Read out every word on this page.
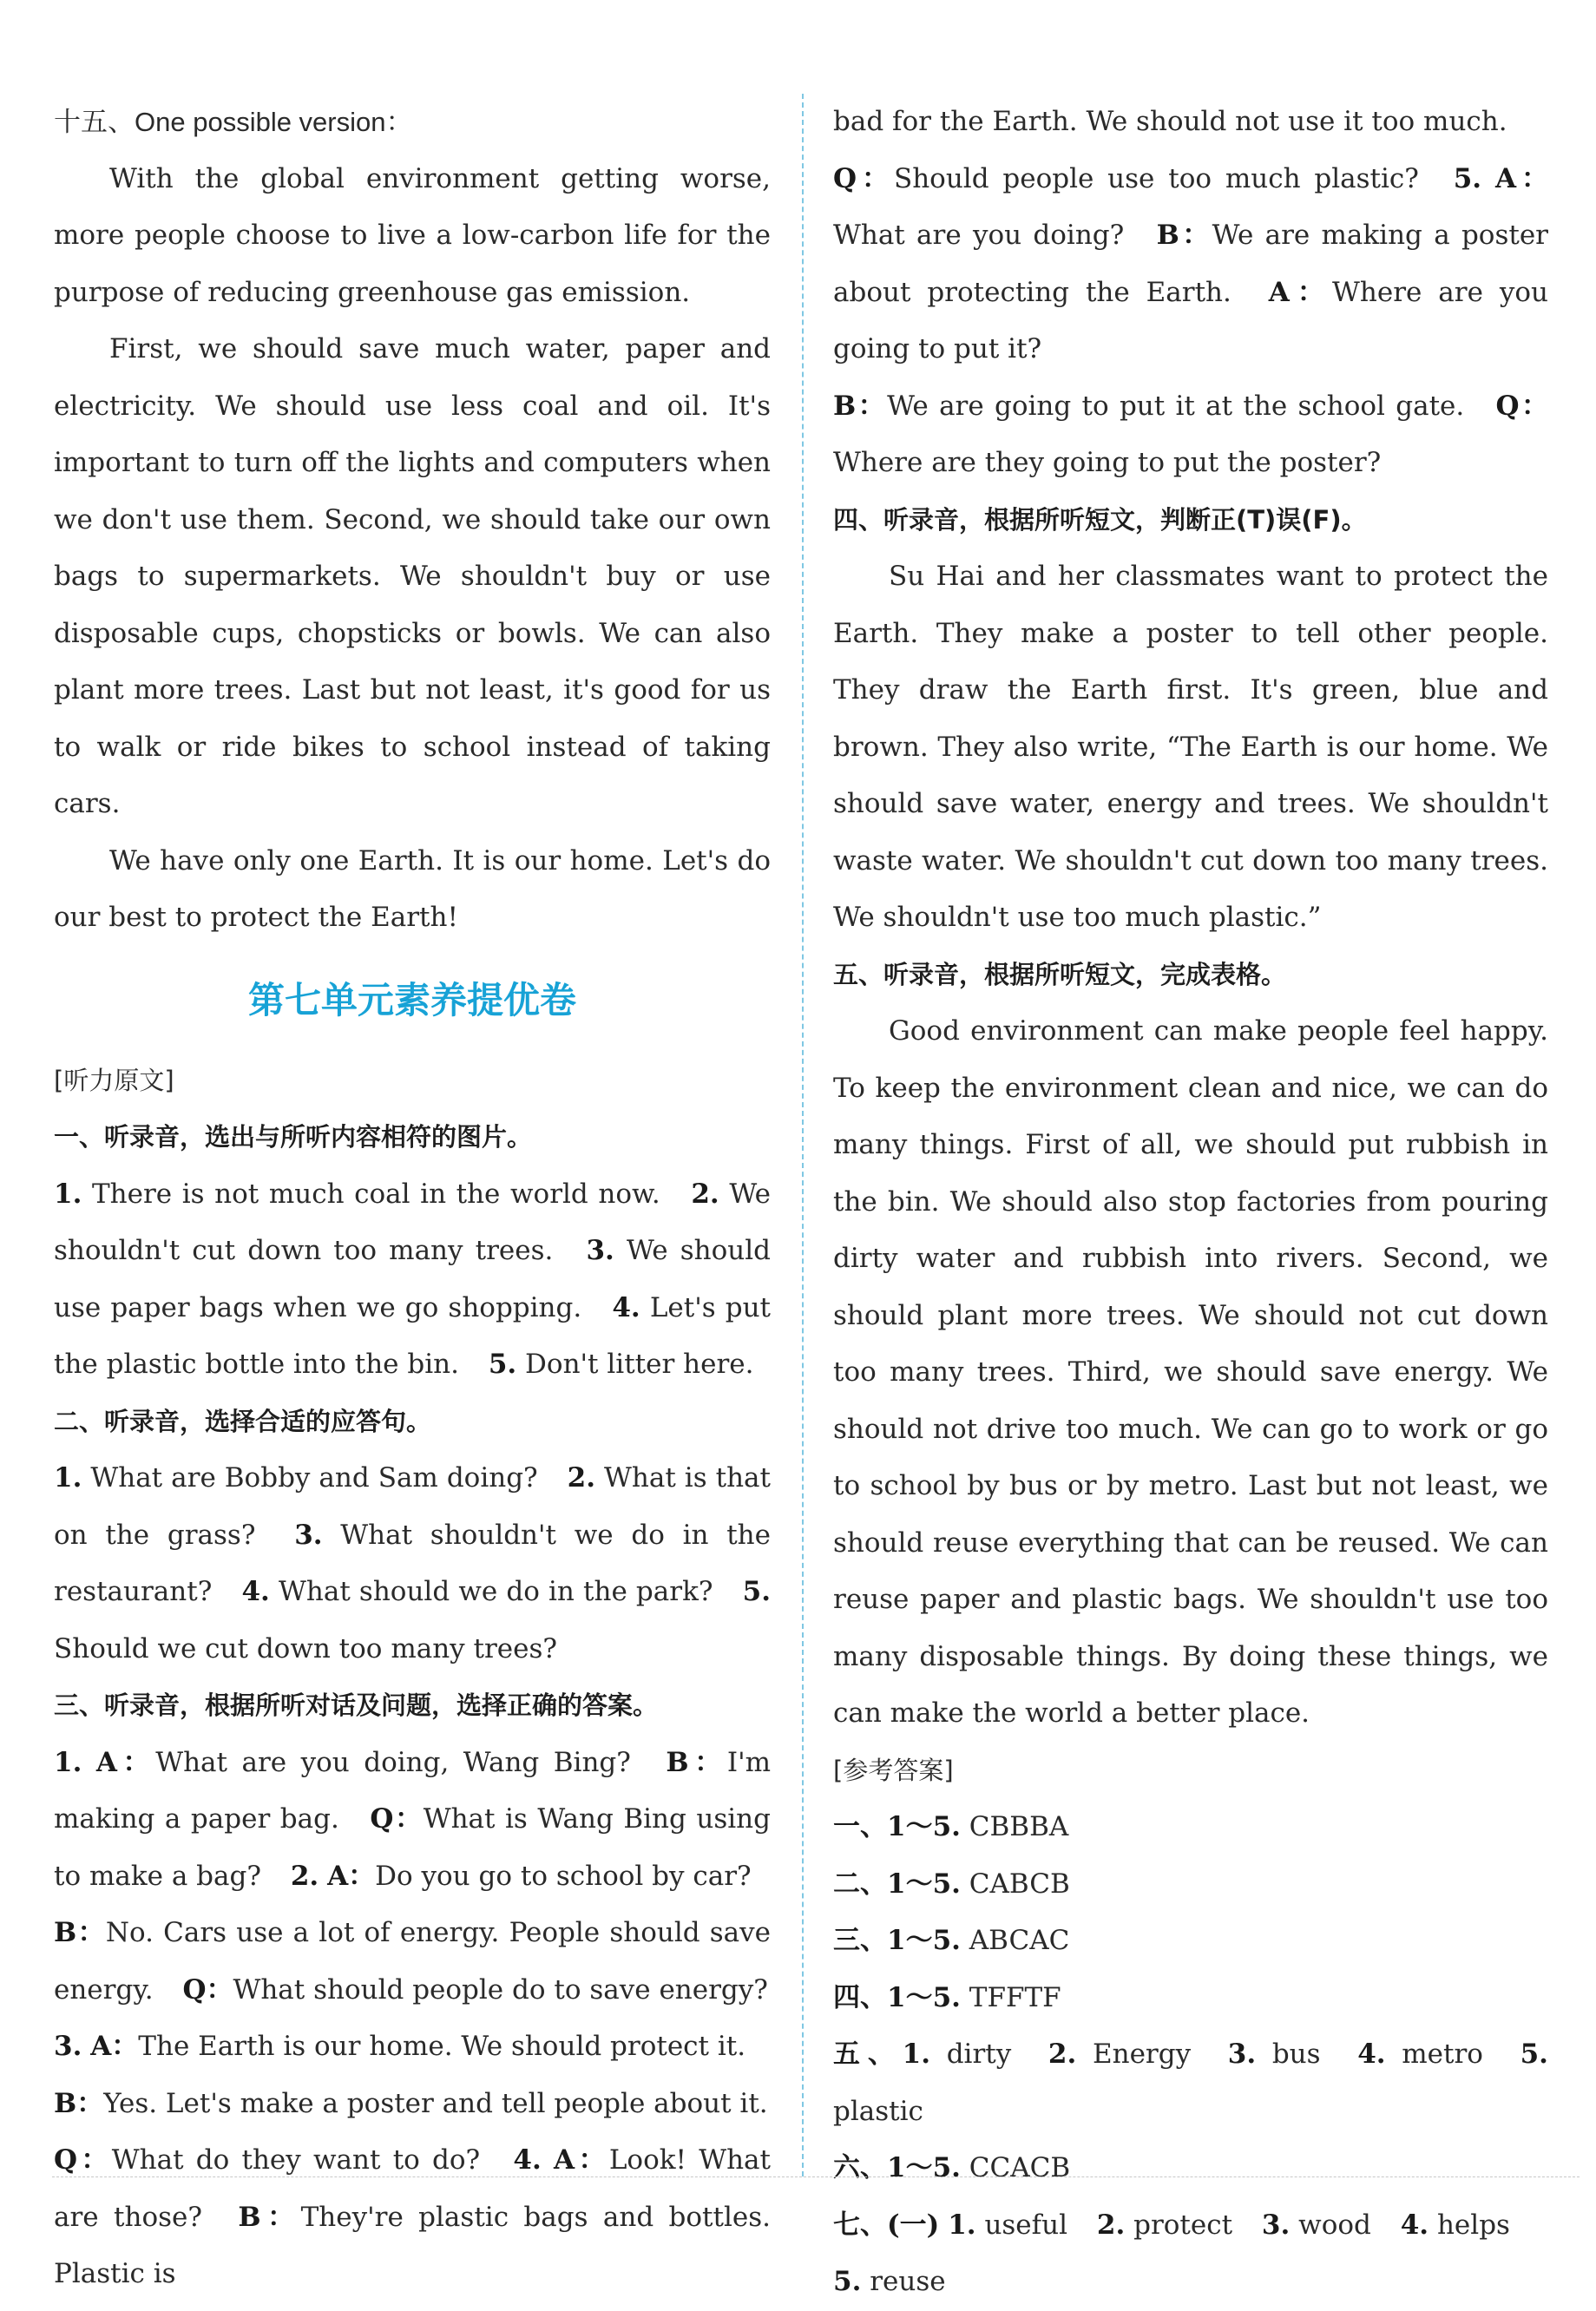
十五、One possible version：

With the global environment getting worse, more people choose to live a low-carbon life for the purpose of reducing greenhouse gas emission.

First, we should save much water, paper and electricity. We should use less coal and oil. It's important to turn off the lights and computers when we don't use them. Second, we should take our own bags to supermarkets. We shouldn't buy or use disposable cups, chopsticks or bowls. We can also plant more trees. Last but not least, it's good for us to walk or ride bikes to school instead of taking cars.

We have only one Earth. It is our home. Let's do our best to protect the Earth!

第七单元素养提优卷

[听力原文]

一、听录音，选出与所听内容相符的图片。

1. There is not much coal in the world now. 2. We shouldn't cut down too many trees. 3. We should use paper bags when we go shopping. 4. Let's put the plastic bottle into the bin. 5. Don't litter here.

二、听录音，选择合适的应答句。

1. What are Bobby and Sam doing? 2. What is that on the grass? 3. What shouldn't we do in the restaurant? 4. What should we do in the park? 5. Should we cut down too many trees?

三、听录音，根据所听对话及问题，选择正确的答案。

1. A：What are you doing, Wang Bing? B：I'm making a paper bag. Q：What is Wang Bing using to make a bag? 2. A：Do you go to school by car?
B：No. Cars use a lot of energy. People should save energy. Q：What should people do to save energy?
3. A：The Earth is our home. We should protect it.
B：Yes. Let's make a poster and tell people about it.
Q：What do they want to do? 4. A：Look! What are those? B：They're plastic bags and bottles. Plastic is

bad for the Earth. We should not use it too much.
Q：Should people use too much plastic? 5. A：What are you doing? B：We are making a poster about protecting the Earth. A：Where are you going to put it?
B：We are going to put it at the school gate. Q：Where are they going to put the poster?

四、听录音，根据所听短文，判断正(T)误(F)。

Su Hai and her classmates want to protect the Earth. They make a poster to tell other people. They draw the Earth first. It's green, blue and brown. They also write, “The Earth is our home. We should save water, energy and trees. We shouldn't waste water. We shouldn't cut down too many trees. We shouldn't use too much plastic.”

五、听录音，根据所听短文，完成表格。

Good environment can make people feel happy. To keep the environment clean and nice, we can do many things. First of all, we should put rubbish in the bin. We should also stop factories from pouring dirty water and rubbish into rivers. Second, we should plant more trees. We should not cut down too many trees. Third, we should save energy. We should not drive too much. We can go to work or go to school by bus or by metro. Last but not least, we should reuse everything that can be reused. We can reuse paper and plastic bags. We shouldn't use too many disposable things. By doing these things, we can make the world a better place.

[参考答案]

一、1～5. CBBBA

二、1～5. CABCB

三、1～5. ABCAC

四、1～5. TFFTF

五、1. dirty 2. Energy 3. bus 4. metro 5. plastic

六、1～5. CCACB

七、(一) 1. useful 2. protect 3. wood 4. helps
5. reuse
